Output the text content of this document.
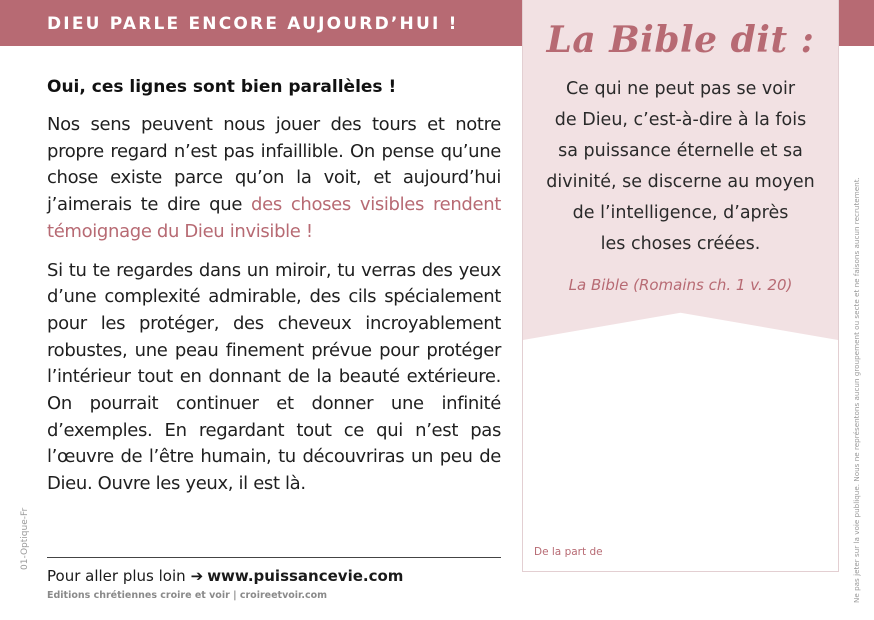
DIEU PARLE ENCORE AUJOURD’HUI !
Oui, ces lignes sont bien parallèles !

Nos sens peuvent nous jouer des tours et notre propre regard n’est pas infaillible. On pense qu’une chose existe parce qu’on la voit, et aujourd’hui j’aimerais te dire que des choses visibles rendent témoignage du Dieu invisible !

Si tu te regardes dans un miroir, tu verras des yeux d’une complexité admirable, des cils spécialement pour les protéger, des cheveux incroyablement robustes, une peau finement prévue pour protéger l’intérieur tout en donnant de la beauté extérieure. On pourrait continuer et donner une infinité d’exemples. En regardant tout ce qui n’est pas l’œuvre de l’être humain, tu découvriras un peu de Dieu. Ouvre les yeux, il est là.

Pour aller plus loin ➔ www.puissancevie.com
Editions chrétiennes croire et voir | croireetvoir.com
01-Optique-Fr
La Bible dit :

Ce qui ne peut pas se voir
de Dieu, c’est-à-dire à la fois
sa puissance éternelle et sa
divinité, se discerne au moyen
de l’intelligence, d’après
les choses créées.

La Bible (Romains ch. 1 v. 20)

De la part de	Ne pas jeter sur la voie publique. Nous ne représentons aucun groupement ou secte et ne faisons aucun recrutement.
